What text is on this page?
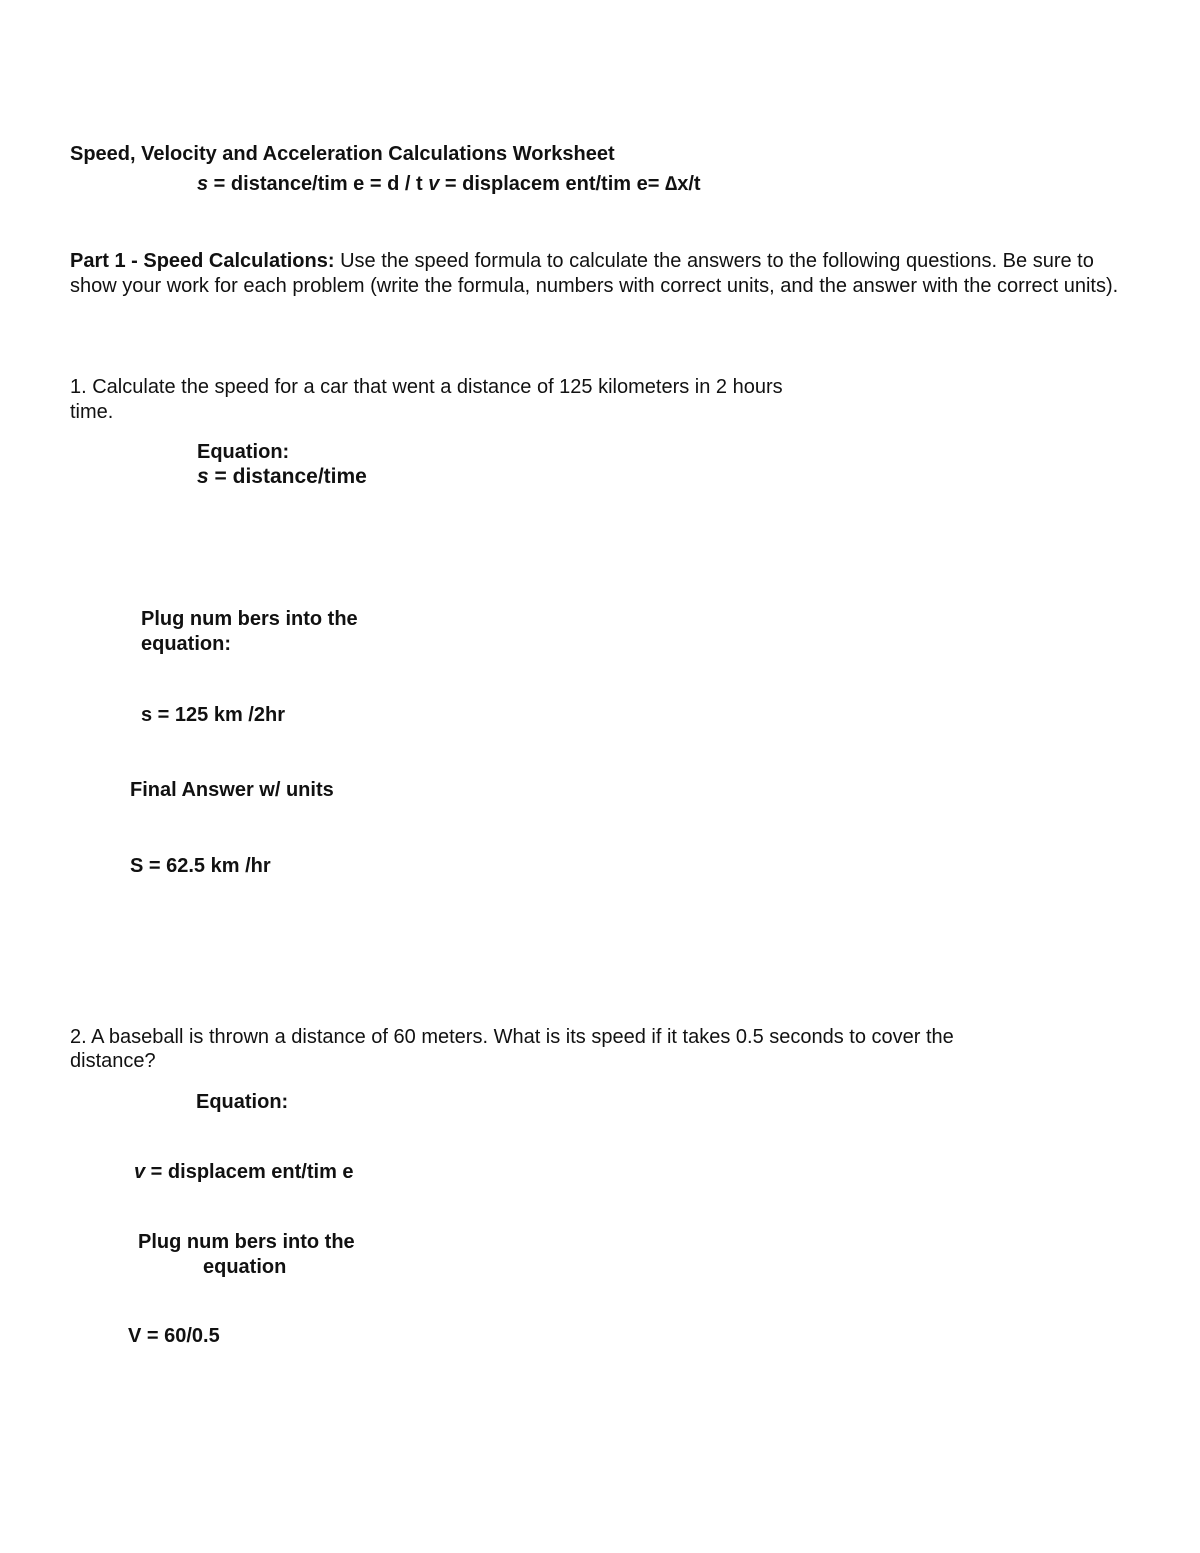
Speed, Velocity and Acceleration Calculations Worksheet

s = distance/tim e = d / t v = displacem ent/tim e= ∆x/t

Part 1 - Speed Calculations: Use the speed formula to calculate the answers to the following questions. Be sure to show your work for each problem (write the formula, numbers with correct units, and the answer with the correct units).

1. Calculate the speed for a car that went a distance of 125 kilometers in 2 hours

time.

Equation:

s = distance/time

Plug num bers into the

equation:

s = 125 km /2hr

Final Answer w/ units

S = 62.5 km /hr

2. A baseball is thrown a distance of 60 meters. What is its speed if it takes 0.5 seconds to cover the

distance?

Equation:

v = displacem ent/tim e

Plug num bers into the

equation

V = 60/0.5
